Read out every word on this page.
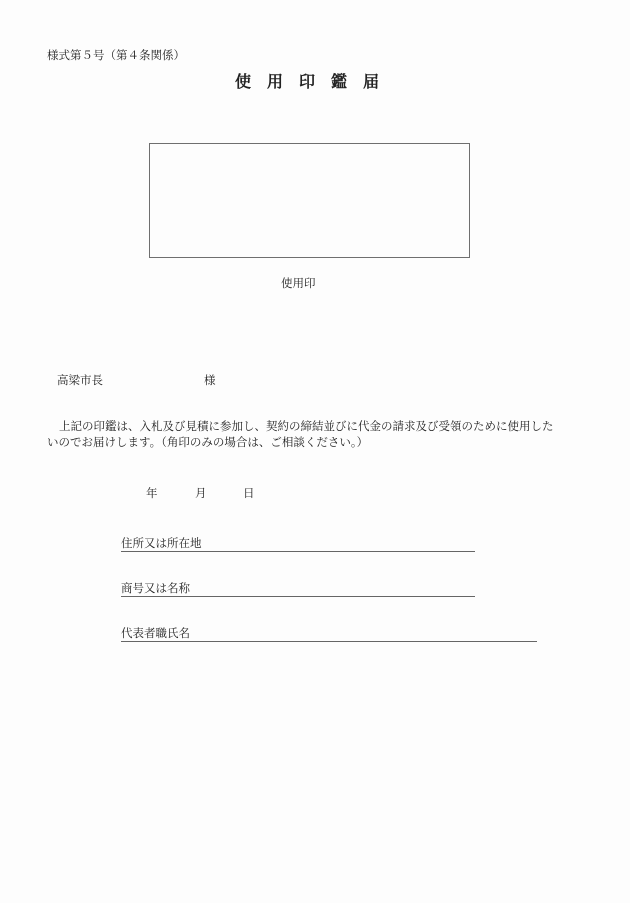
様式第５号（第４条関係）
使用印鑑届
使用印
高梁市長	様
上記の印鑑は、入札及び見積に参加し、契約の締結並びに代金の請求及び受領のために使用した
いのでお届けします。（角印のみの場合は、ご相談ください。）
年	月	日
住所又は所在地
商号又は名称
代表者職氏名
